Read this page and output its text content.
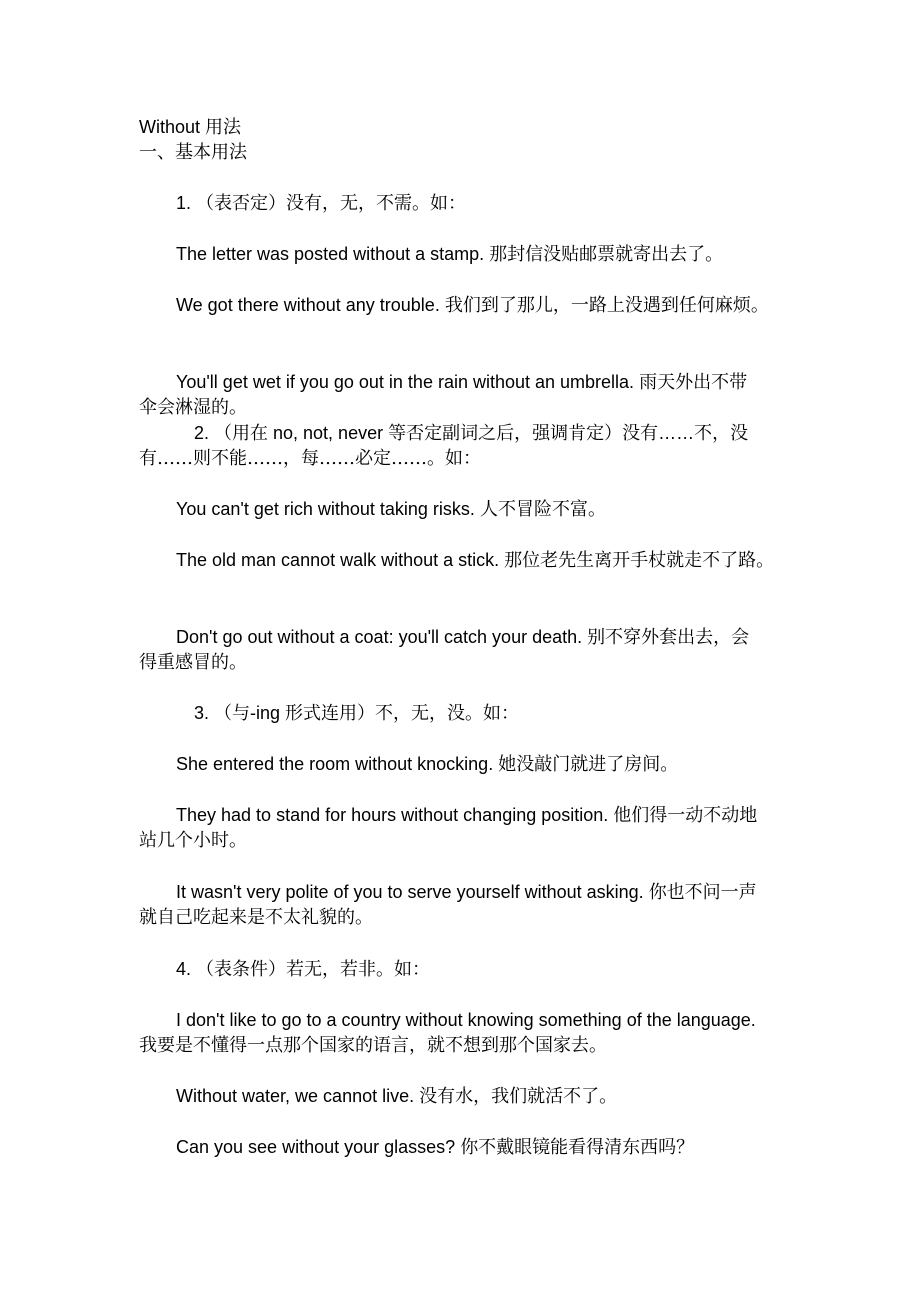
Without 用法
一、基本用法
1. （表否定）没有，无，不需。如：
The letter was posted without a stamp. 那封信没贴邮票就寄出去了。
We got there without any trouble. 我们到了那儿，一路上没遇到任何麻烦。
You'll get wet if you go out in the rain without an umbrella. 雨天外出不带
伞会淋湿的。
2. （用在 no, not, never 等否定副词之后，强调肯定）没有……不，没
有……则不能……，每……必定……。如：
You can't get rich without taking risks. 人不冒险不富。
The old man cannot walk without a stick. 那位老先生离开手杖就走不了路。
Don't go out without a coat: you'll catch your death. 别不穿外套出去，会
得重感冒的。
3. （与-ing 形式连用）不，无，没。如：
She entered the room without knocking. 她没敲门就进了房间。
They had to stand for hours without changing position. 他们得一动不动地
站几个小时。
It wasn't very polite of you to serve yourself without asking. 你也不问一声
就自己吃起来是不太礼貌的。
4. （表条件）若无，若非。如：
I don't like to go to a country without knowing something of the language.
我要是不懂得一点那个国家的语言，就不想到那个国家去。
Without water, we cannot live. 没有水，我们就活不了。
Can you see without your glasses? 你不戴眼镜能看得清东西吗？
